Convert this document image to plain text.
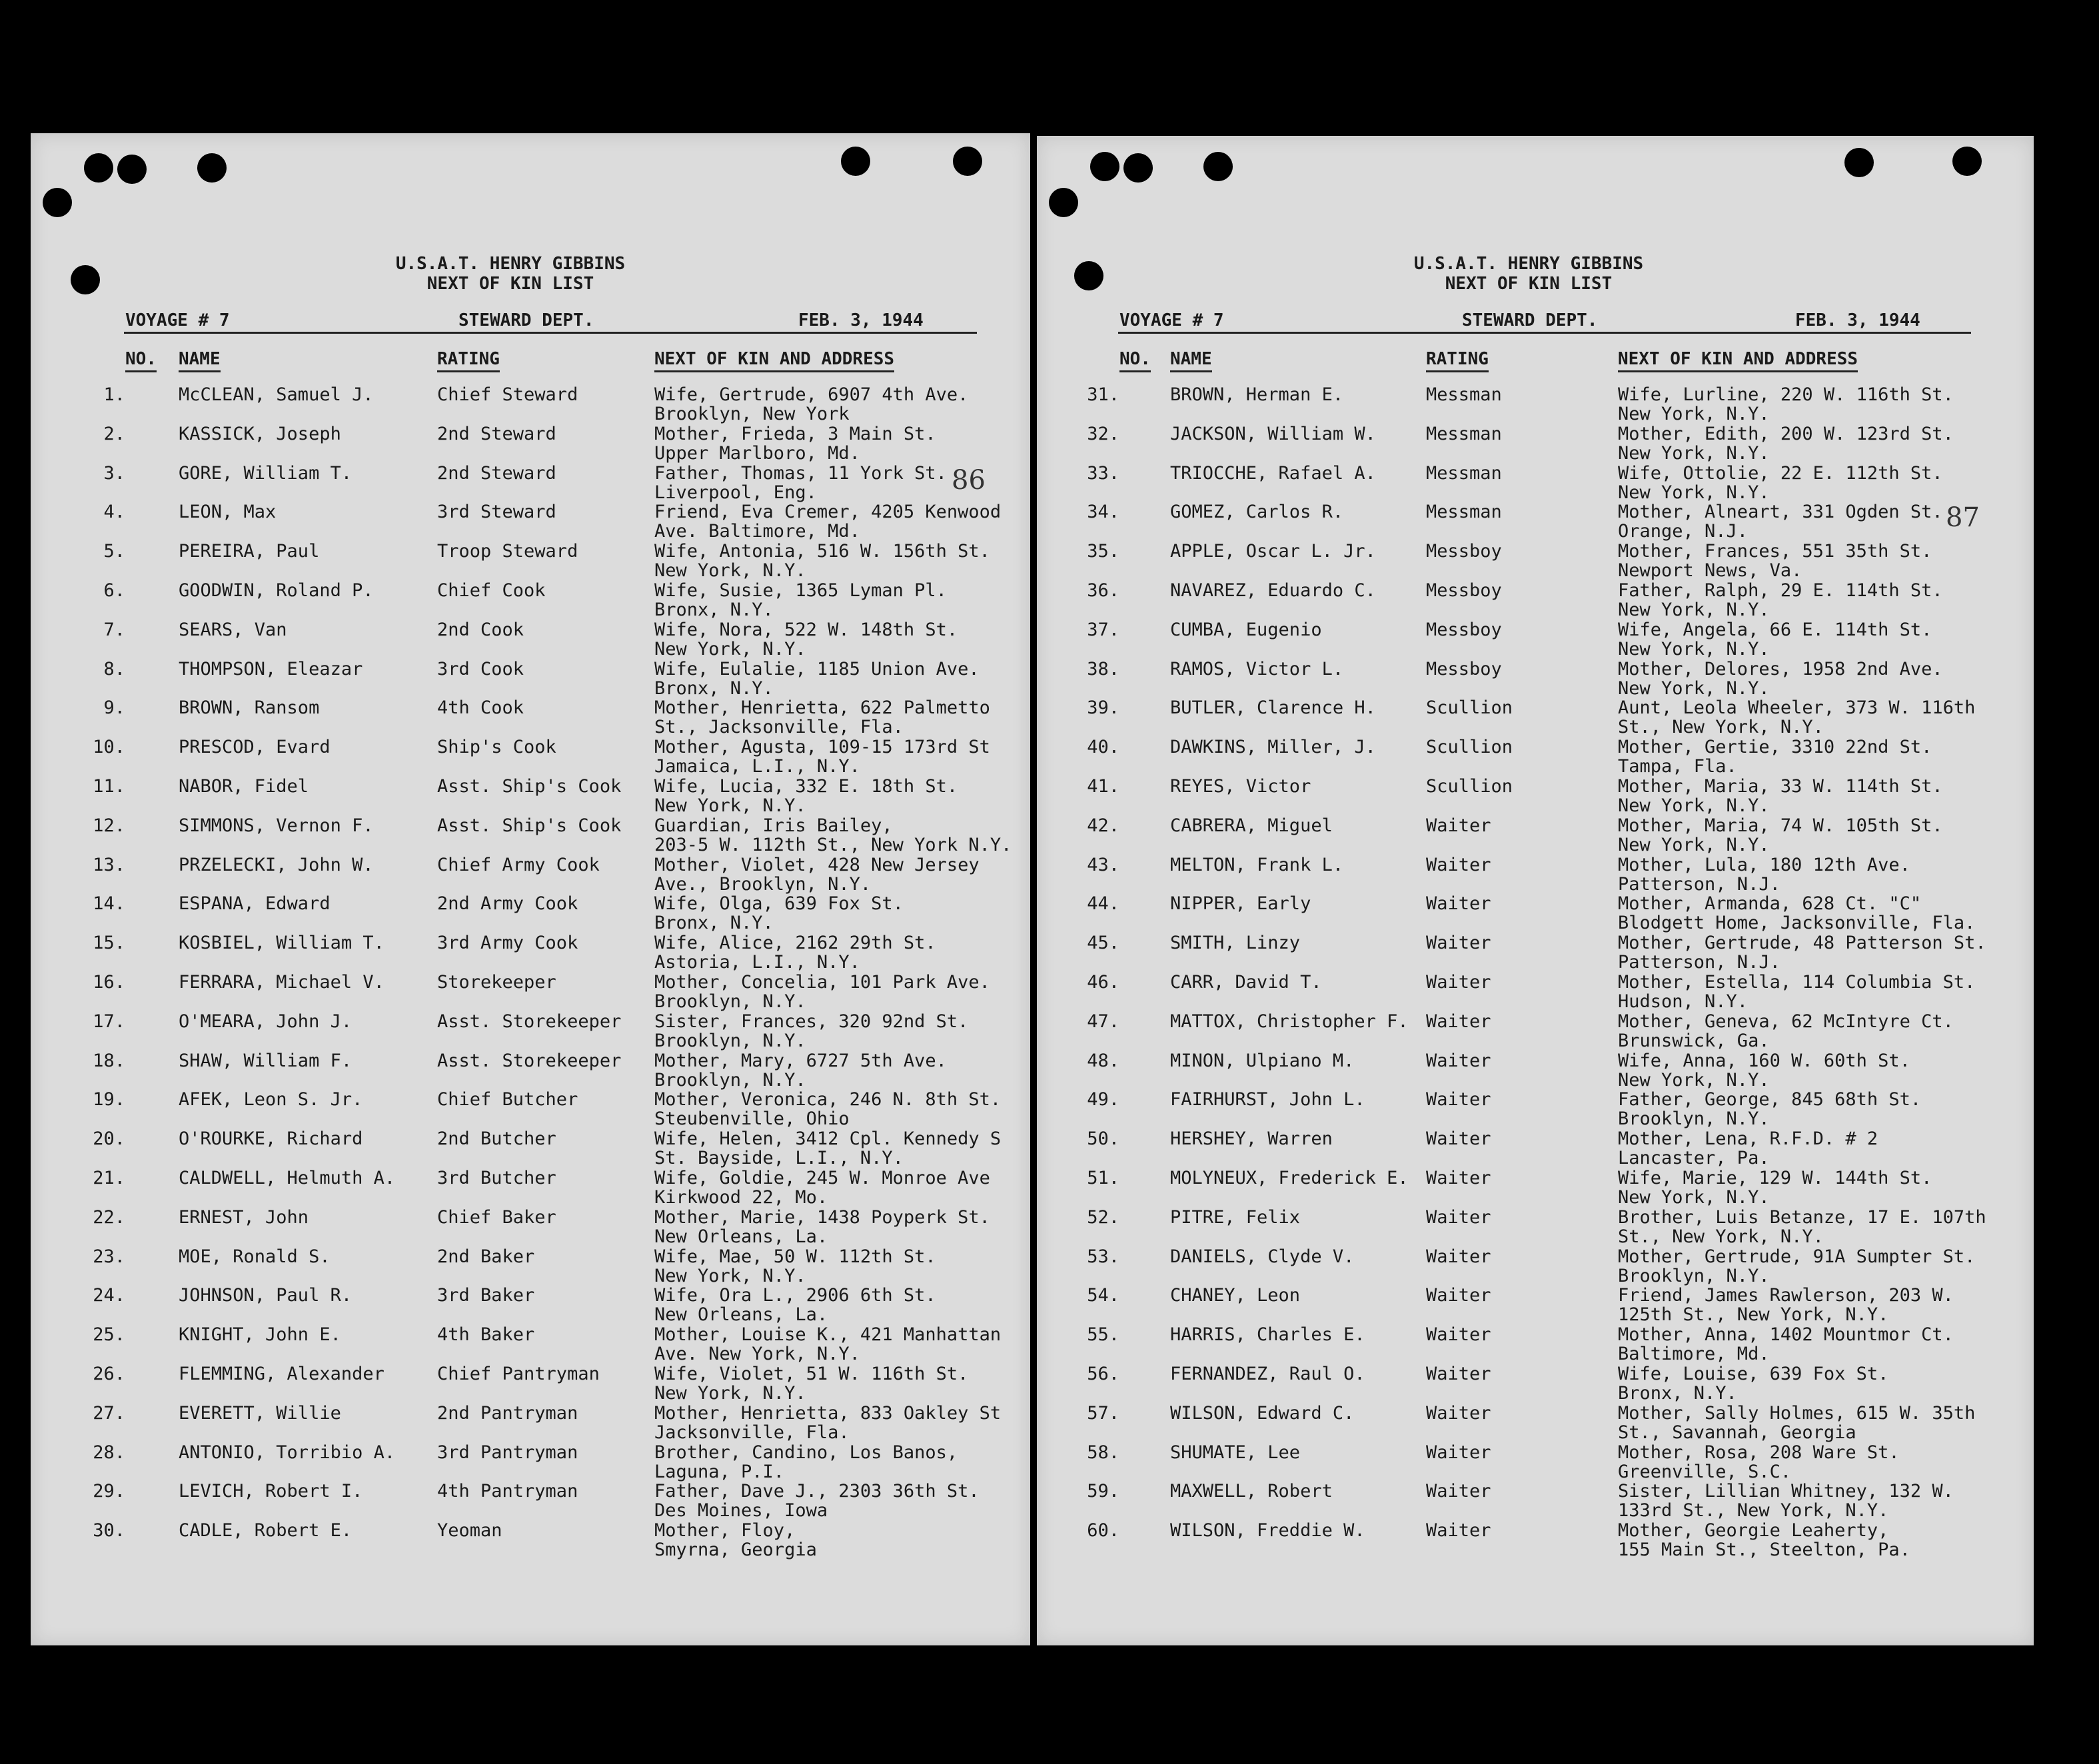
U.S.A.T. HENRY GIBBINS
NEXT OF KIN LIST
VOYAGE # 7	STEWARD DEPT.	FEB. 3, 1944
NO. NAME	RATING	NEXT OF KIN AND ADDRESS
86
1.	McCLEAN, Samuel J.	Chief Steward	Wife, Gertrude, 6907 4th Ave.
Brooklyn, New York
2.	KASSICK, Joseph	2nd Steward	Mother, Frieda, 3 Main St.
Upper Marlboro, Md.
3.	GORE, William T.	2nd Steward	Father, Thomas, 11 York St.
Liverpool, Eng.
4.	LEON, Max	3rd Steward	Friend, Eva Cremer, 4205 Kenwood
Ave. Baltimore, Md.
5.	PEREIRA, Paul	Troop Steward	Wife, Antonia, 516 W. 156th St.
New York, N.Y.
6.	GOODWIN, Roland P.	Chief Cook	Wife, Susie, 1365 Lyman Pl.
Bronx, N.Y.
7.	SEARS, Van	2nd Cook	Wife, Nora, 522 W. 148th St.
New York, N.Y.
8.	THOMPSON, Eleazar	3rd Cook	Wife, Eulalie, 1185 Union Ave.
Bronx, N.Y.
9.	BROWN, Ransom	4th Cook	Mother, Henrietta, 622 Palmetto
St., Jacksonville, Fla.
10.	PRESCOD, Evard	Ship's Cook	Mother, Agusta, 109-15 173rd St
Jamaica, L.I., N.Y.
11.	NABOR, Fidel	Asst. Ship's Cook Wife, Lucia, 332 E. 18th St.
New York, N.Y.
12.	SIMMONS, Vernon F.	Asst. Ship's Cook Guardian, Iris Bailey,
203-5 W. 112th St., New York N.Y.
13.	PRZELECKI, John W.	Chief Army Cook	Mother, Violet, 428 New Jersey
Ave., Brooklyn, N.Y.
14.	ESPANA, Edward	2nd Army Cook	Wife, Olga, 639 Fox St.
Bronx, N.Y.
15.	KOSBIEL, William T.	3rd Army Cook	Wife, Alice, 2162 29th St.
Astoria, L.I., N.Y.
16.	FERRARA, Michael V.	Storekeeper	Mother, Concelia, 101 Park Ave.
Brooklyn, N.Y.
17.	O'MEARA, John J.	Asst. Storekeeper Sister, Frances, 320 92nd St.
Brooklyn, N.Y.
18.	SHAW, William F.	Asst. Storekeeper Mother, Mary, 6727 5th Ave.
Brooklyn, N.Y.
19.	AFEK, Leon S. Jr.	Chief Butcher	Mother, Veronica, 246 N. 8th St.
Steubenville, Ohio
20.	O'ROURKE, Richard	2nd Butcher	Wife, Helen, 3412 Cpl. Kennedy S
St. Bayside, L.I., N.Y.
21.	CALDWELL, Helmuth A. 3rd Butcher	Wife, Goldie, 245 W. Monroe Ave
Kirkwood 22, Mo.
22.	ERNEST, John	Chief Baker	Mother, Marie, 1438 Poyperk St.
New Orleans, La.
23.	MOE, Ronald S.	2nd Baker	Wife, Mae, 50 W. 112th St.
New York, N.Y.
24.	JOHNSON, Paul R.	3rd Baker	Wife, Ora L., 2906 6th St.
New Orleans, La.
25.	KNIGHT, John E.	4th Baker	Mother, Louise K., 421 Manhattan
Ave. New York, N.Y.
26.	FLEMMING, Alexander	Chief Pantryman	Wife, Violet, 51 W. 116th St.
New York, N.Y.
27.	EVERETT, Willie	2nd Pantryman	Mother, Henrietta, 833 Oakley St
Jacksonville, Fla.
28.	ANTONIO, Torribio A. 3rd Pantryman	Brother, Candino, Los Banos,
Laguna, P.I.
29.	LEVICH, Robert I.	4th Pantryman	Father, Dave J., 2303 36th St.
Des Moines, Iowa
30.	CADLE, Robert E.	Yeoman	Mother, Floy,
Smyrna, Georgia
U.S.A.T. HENRY GIBBINS
NEXT OF KIN LIST
VOYAGE # 7	STEWARD DEPT.	FEB. 3, 1944
NO. NAME	RATING	NEXT OF KIN AND ADDRESS
87
31.	BROWN, Herman E.	Messman	Wife, Lurline, 220 W. 116th St.
New York, N.Y.
32.	JACKSON, William W.	Messman	Mother, Edith, 200 W. 123rd St.
New York, N.Y.
33.	TRIOCCHE, Rafael A.	Messman	Wife, Ottolie, 22 E. 112th St.
New York, N.Y.
34.	GOMEZ, Carlos R.	Messman	Mother, Alneart, 331 Ogden St.
Orange, N.J.
35.	APPLE, Oscar L. Jr.	Messboy	Mother, Frances, 551 35th St.
Newport News, Va.
36.	NAVAREZ, Eduardo C.	Messboy	Father, Ralph, 29 E. 114th St.
New York, N.Y.
37.	CUMBA, Eugenio	Messboy	Wife, Angela, 66 E. 114th St.
New York, N.Y.
38.	RAMOS, Victor L.	Messboy	Mother, Delores, 1958 2nd Ave.
New York, N.Y.
39.	BUTLER, Clarence H.	Scullion	Aunt, Leola Wheeler, 373 W. 116th
St., New York, N.Y.
40.	DAWKINS, Miller, J.	Scullion	Mother, Gertie, 3310 22nd St.
Tampa, Fla.
41.	REYES, Victor	Scullion	Mother, Maria, 33 W. 114th St.
New York, N.Y.
42.	CABRERA, Miguel	Waiter	Mother, Maria, 74 W. 105th St.
New York, N.Y.
43.	MELTON, Frank L.	Waiter	Mother, Lula, 180 12th Ave.
Patterson, N.J.
44.	NIPPER, Early	Waiter	Mother, Armanda, 628 Ct. "C"
Blodgett Home, Jacksonville, Fla.
45.	SMITH, Linzy	Waiter	Mother, Gertrude, 48 Patterson St.
Patterson, N.J.
46.	CARR, David T.	Waiter	Mother, Estella, 114 Columbia St.
Hudson, N.Y.
47.	MATTOX, Christopher F. Waiter	Mother, Geneva, 62 McIntyre Ct.
Brunswick, Ga.
48.	MINON, Ulpiano M.	Waiter	Wife, Anna, 160 W. 60th St.
New York, N.Y.
49.	FAIRHURST, John L.	Waiter	Father, George, 845 68th St.
Brooklyn, N.Y.
50.	HERSHEY, Warren	Waiter	Mother, Lena, R.F.D. # 2
Lancaster, Pa.
51.	MOLYNEUX, Frederick E. Waiter	Wife, Marie, 129 W. 144th St.
New York, N.Y.
52.	PITRE, Felix	Waiter	Brother, Luis Betanze, 17 E. 107th
St., New York, N.Y.
53.	DANIELS, Clyde V.	Waiter	Mother, Gertrude, 91A Sumpter St.
Brooklyn, N.Y.
54.	CHANEY, Leon	Waiter	Friend, James Rawlerson, 203 W.
125th St., New York, N.Y.
55.	HARRIS, Charles E.	Waiter	Mother, Anna, 1402 Mountmor Ct.
Baltimore, Md.
56.	FERNANDEZ, Raul O.	Waiter	Wife, Louise, 639 Fox St.
Bronx, N.Y.
57.	WILSON, Edward C.	Waiter	Mother, Sally Holmes, 615 W. 35th
St., Savannah, Georgia
58.	SHUMATE, Lee	Waiter	Mother, Rosa, 208 Ware St.
Greenville, S.C.
59.	MAXWELL, Robert	Waiter	Sister, Lillian Whitney, 132 W.
133rd St., New York, N.Y.
60.	WILSON, Freddie W.	Waiter	Mother, Georgie Leaherty,
155 Main St., Steelton, Pa.
